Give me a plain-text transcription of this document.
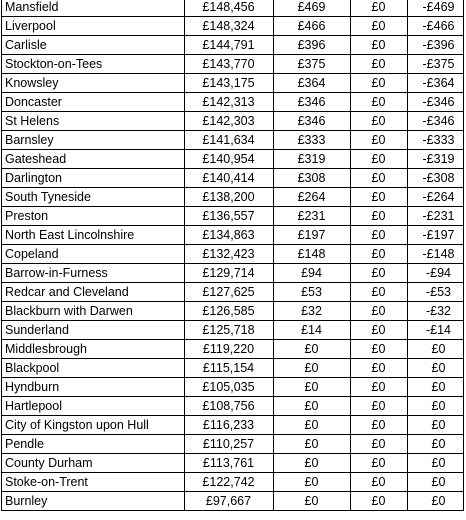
Mansfield	£148,456	£469	£0	-£469
Liverpool	£148,324	£466	£0	-£466
Carlisle	£144,791	£396	£0	-£396
Stockton-on-Tees	£143,770	£375	£0	-£375
Knowsley	£143,175	£364	£0	-£364
Doncaster	£142,313	£346	£0	-£346
St Helens	£142,303	£346	£0	-£346
Barnsley	£141,634	£333	£0	-£333
Gateshead	£140,954	£319	£0	-£319
Darlington	£140,414	£308	£0	-£308
South Tyneside	£138,200	£264	£0	-£264
Preston	£136,557	£231	£0	-£231
North East Lincolnshire	£134,863	£197	£0	-£197
Copeland	£132,423	£148	£0	-£148
Barrow-in-Furness	£129,714	£94	£0	-£94
Redcar and Cleveland	£127,625	£53	£0	-£53
Blackburn with Darwen	£126,585	£32	£0	-£32
Sunderland	£125,718	£14	£0	-£14
Middlesbrough	£119,220	£0	£0	£0
Blackpool	£115,154	£0	£0	£0
Hyndburn	£105,035	£0	£0	£0
Hartlepool	£108,756	£0	£0	£0
City of Kingston upon Hull	£116,233	£0	£0	£0
Pendle	£110,257	£0	£0	£0
County Durham	£113,761	£0	£0	£0
Stoke-on-Trent	£122,742	£0	£0	£0
Burnley	£97,667	£0	£0	£0
